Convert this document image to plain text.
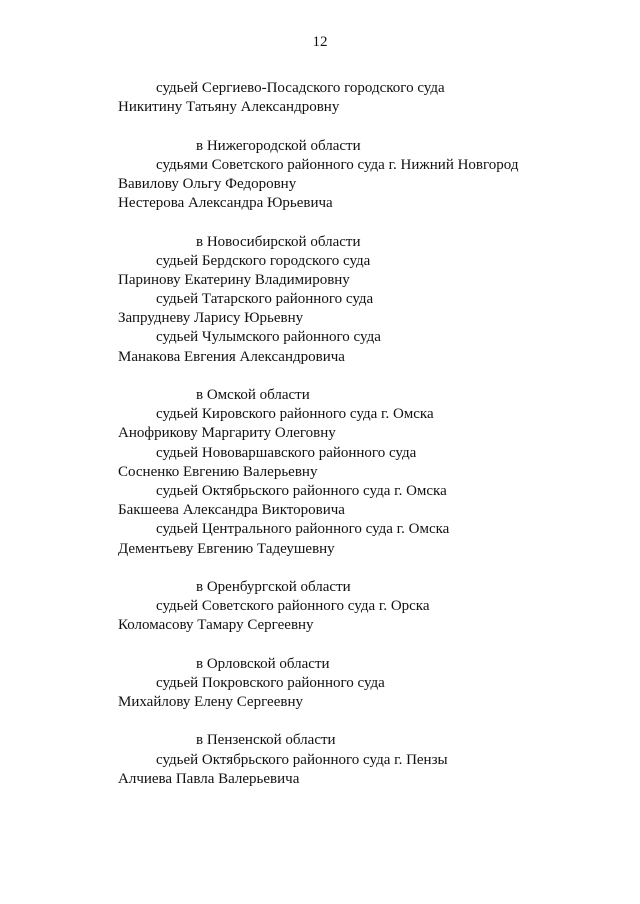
12
судьей Сергиево-Посадского городского суда
Никитину Татьяну Александровну
в Нижегородской области
судьями Советского районного суда г. Нижний Новгород
Вавилову Ольгу Федоровну
Нестерова Александра Юрьевича
в Новосибирской области
судьей Бердского городского суда
Паринову Екатерину Владимировну
судьей Татарского районного суда
Запрудневу Ларису Юрьевну
судьей Чулымского районного суда
Манакова Евгения Александровича
в Омской области
судьей Кировского районного суда г. Омска
Анофрикову Маргариту Олеговну
судьей Нововаршавского районного суда
Сосненко Евгению Валерьевну
судьей Октябрьского районного суда г. Омска
Бакшеева Александра Викторовича
судьей Центрального районного суда г. Омска
Дементьеву Евгению Тадеушевну
в Оренбургской области
судьей Советского районного суда г. Орска
Коломасову Тамару Сергеевну
в Орловской области
судьей Покровского районного суда
Михайлову Елену Сергеевну
в Пензенской области
судьей Октябрьского районного суда г. Пензы
Алчиева Павла Валерьевича
